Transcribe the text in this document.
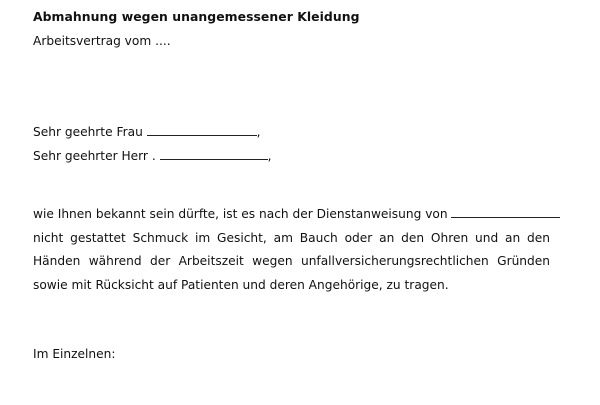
Abmahnung wegen unangemessener Kleidung
Arbeitsvertrag vom ....
Sehr geehrte Frau	,
Sehr geehrter Herr .	,
wie Ihnen bekannt sein dürfte, ist es nach der Dienstanweisung von
nicht gestattet Schmuck im Gesicht, am Bauch oder an den Ohren und an den
Händen während der Arbeitszeit wegen unfallversicherungsrechtlichen Gründen
sowie mit Rücksicht auf Patienten und deren Angehörige, zu tragen.
Im Einzelnen:
